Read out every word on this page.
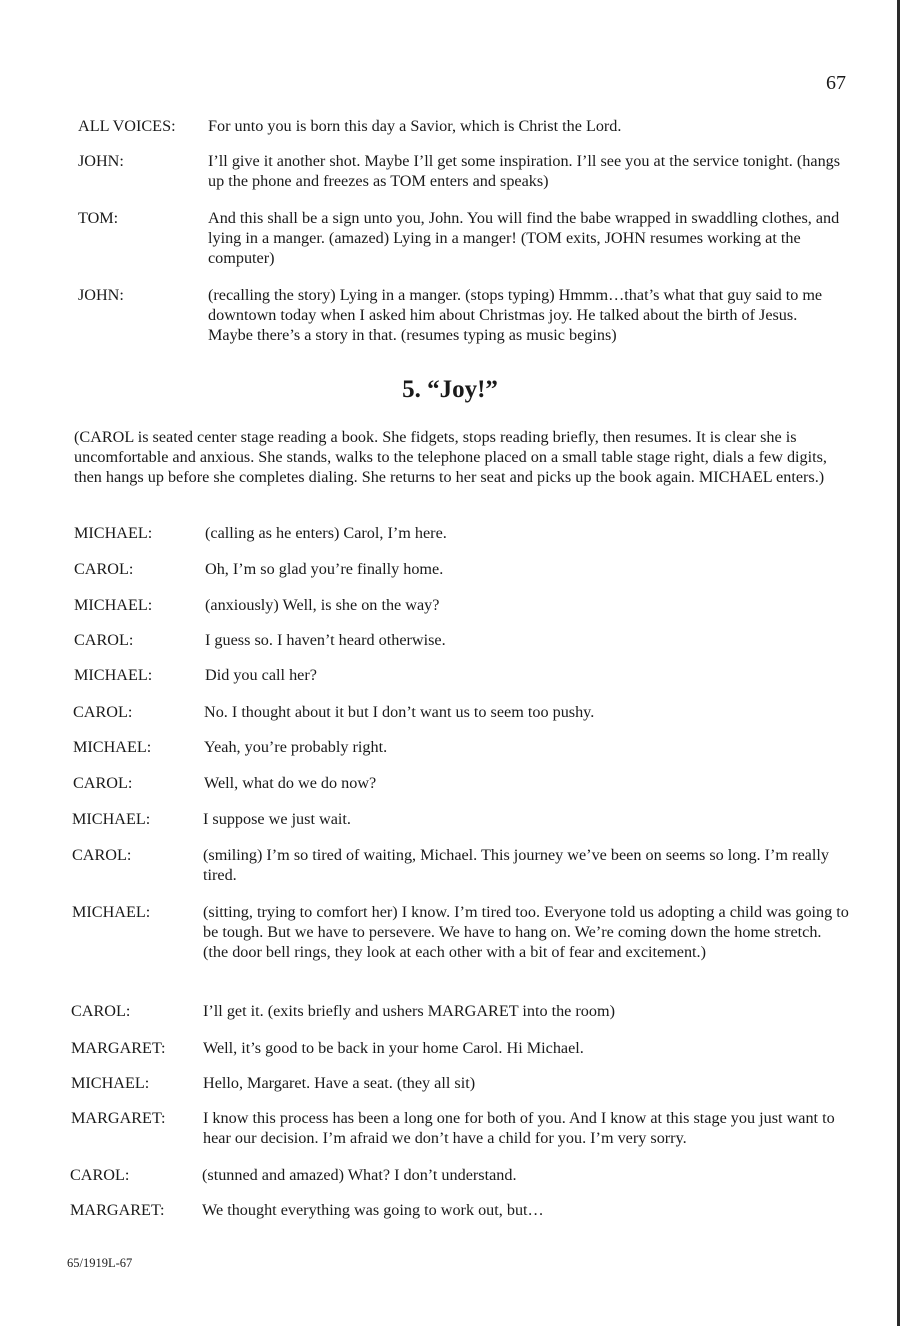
67
ALL VOICES:	For unto you is born this day a Savior, which is Christ the Lord.
JOHN:	I’ll give it another shot. Maybe I’ll get some inspiration. I’ll see you at the service tonight. (hangs up the phone and freezes as TOM enters and speaks)
TOM:	And this shall be a sign unto you, John. You will find the babe wrapped in swaddling clothes, and lying in a manger. (amazed) Lying in a manger! (TOM exits, JOHN resumes working at the computer)
JOHN:	(recalling the story) Lying in a manger. (stops typing) Hmmm…that’s what that guy said to me downtown today when I asked him about Christmas joy. He talked about the birth of Jesus. Maybe there’s a story in that. (resumes typing as music begins)
5. “Joy!”
(CAROL is seated center stage reading a book. She fidgets, stops reading briefly, then resumes. It is clear she is uncomfortable and anxious. She stands, walks to the telephone placed on a small table stage right, dials a few digits, then hangs up before she completes dialing. She returns to her seat and picks up the book again. MICHAEL enters.)
MICHAEL:	(calling as he enters) Carol, I’m here.
CAROL:	Oh, I’m so glad you’re finally home.
MICHAEL:	(anxiously) Well, is she on the way?
CAROL:	I guess so. I haven’t heard otherwise.
MICHAEL:	Did you call her?
CAROL:	No. I thought about it but I don’t want us to seem too pushy.
MICHAEL:	Yeah, you’re probably right.
CAROL:	Well, what do we do now?
MICHAEL:	I suppose we just wait.
CAROL:	(smiling) I’m so tired of waiting, Michael. This journey we’ve been on seems so long. I’m really tired.
MICHAEL:	(sitting, trying to comfort her) I know. I’m tired too. Everyone told us adopting a child was going to be tough. But we have to persevere. We have to hang on. We’re coming down the home stretch. (the door bell rings, they look at each other with a bit of fear and excitement.)
CAROL:	I’ll get it. (exits briefly and ushers MARGARET into the room)
MARGARET:	Well, it’s good to be back in your home Carol. Hi Michael.
MICHAEL:	Hello, Margaret. Have a seat. (they all sit)
MARGARET:	I know this process has been a long one for both of you. And I know at this stage you just want to hear our decision. I’m afraid we don’t have a child for you. I’m very sorry.
CAROL:	(stunned and amazed) What? I don’t understand.
MARGARET:	We thought everything was going to work out, but…
65/1919L-67
